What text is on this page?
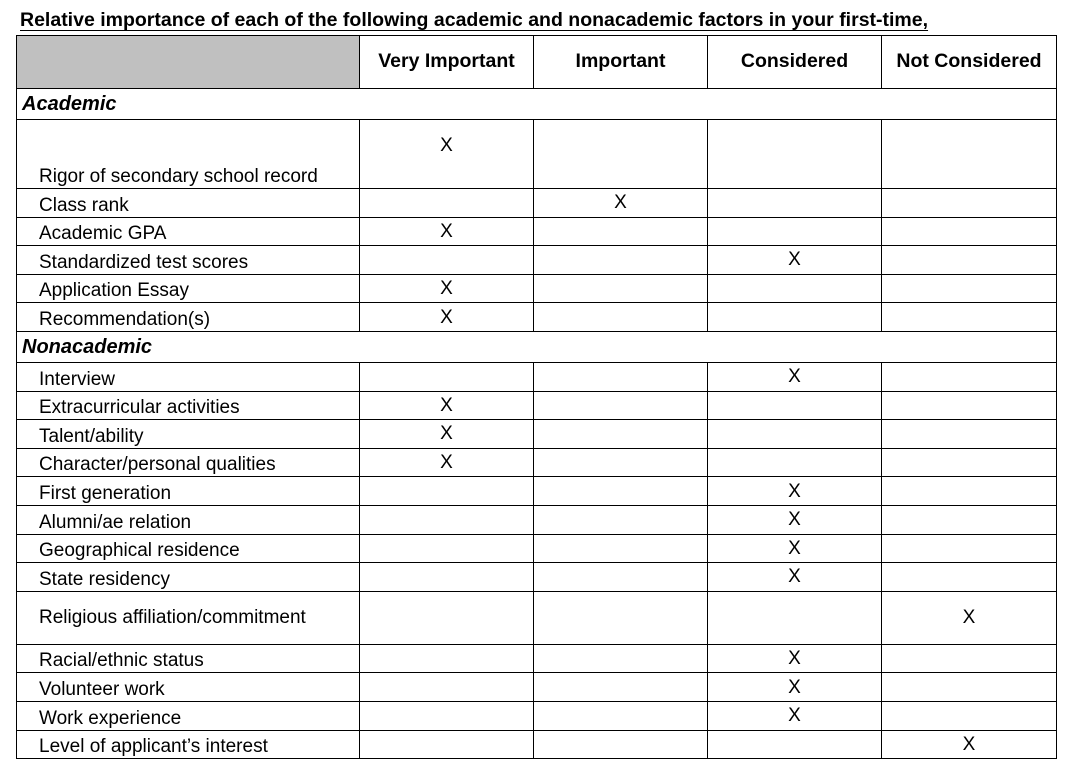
Relative importance of each of the following academic and nonacademic factors in your first-time,
	Very Important	Important	Considered	Not Considered
Academic				
Rigor of secondary school record	X			
Class rank		X		
Academic GPA	X			
Standardized test scores			X	
Application Essay	X			
Recommendation(s)	X			
Nonacademic				
Interview			X	
Extracurricular activities	X			
Talent/ability	X			
Character/personal qualities	X			
First generation			X	
Alumni/ae relation			X	
Geographical residence			X	
State residency			X	
Religious affiliation/commitment				X
Racial/ethnic status			X	
Volunteer work			X	
Work experience			X	
Level of applicant’s interest				X
